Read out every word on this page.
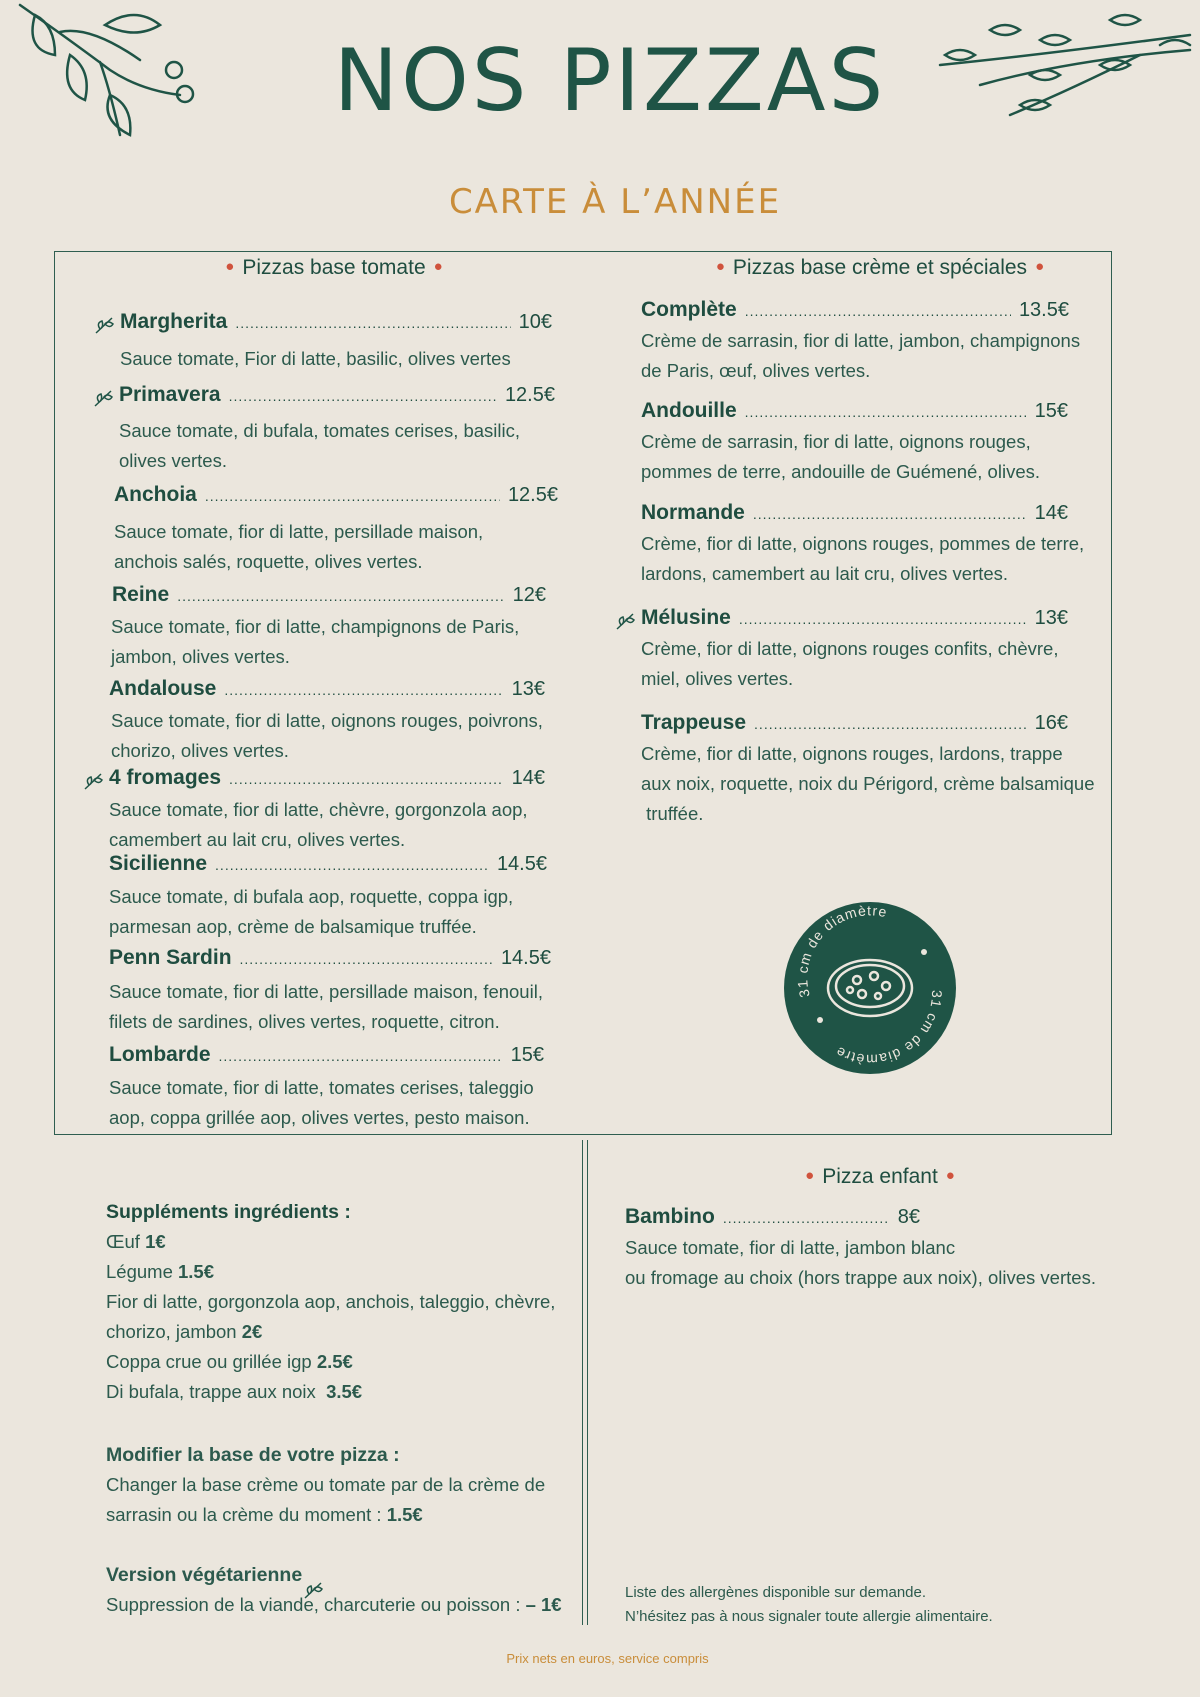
NOS PIZZAS
CARTE À L’ANNÉE
● Pizzas base tomate ●
Margherita .....	10€
Sauce tomate, Fior di latte, basilic, olives vertes
Primavera .....	12.5€
Sauce tomate, di bufala, tomates cerises, basilic,
olives vertes.
Anchoia .....	12.5€
Sauce tomate, fior di latte, persillade maison,
anchois salés, roquette, olives vertes.
Reine .....	12€
Sauce tomate, fior di latte, champignons de Paris,
jambon, olives vertes.
Andalouse .....	13€
Sauce tomate, fior di latte, oignons rouges, poivrons,
chorizo, olives vertes.
4 fromages .....	14€
Sauce tomate, fior di latte, chèvre, gorgonzola aop,
camembert au lait cru, olives vertes.
Sicilienne .....	14.5€
Sauce tomate, di bufala aop, roquette, coppa igp,
parmesan aop, crème de balsamique truffée.
Penn Sardin .....	14.5€
Sauce tomate, fior di latte, persillade maison, fenouil,
filets de sardines, olives vertes, roquette, citron.
Lombarde .....	15€
Sauce tomate, fior di latte, tomates cerises, taleggio
aop, coppa grillée aop, olives vertes, pesto maison.
● Pizzas base crème et spéciales ●
Complète .....	13.5€
Crème de sarrasin, fior di latte, jambon, champignons
de Paris, œuf, olives vertes.
Andouille .....	15€
Crème de sarrasin, fior di latte, oignons rouges,
pommes de terre, andouille de Guémené, olives.
Normande .....	14€
Crème, fior di latte, oignons rouges, pommes de terre,
lardons, camembert au lait cru, olives vertes.
Mélusine .....	13€
Crème, fior di latte, oignons rouges confits, chèvre,
miel, olives vertes.
Trappeuse .....	16€
Crème, fior di latte, oignons rouges, lardons, trappe
aux noix, roquette, noix du Périgord, crème balsamique
truffée.
31 cm de diamètre
31 cm de diamètre
Suppléments ingrédients :
Œuf 1€
Légume 1.5€
Fior di latte, gorgonzola aop, anchois, taleggio, chèvre,
chorizo, jambon 2€
Coppa crue ou grillée igp 2.5€
Di bufala, trappe aux noix  3.5€
Modifier la base de votre pizza :
Changer la base crème ou tomate par de la crème de
sarrasin ou la crème du moment : 1.5€
Version végétarienne
Suppression de la viande, charcuterie ou poisson : – 1€
● Pizza enfant ●
Bambino .....	8€
Sauce tomate, fior di latte, jambon blanc
ou fromage au choix (hors trappe aux noix), olives vertes.
Liste des allergènes disponible sur demande.
N’hésitez pas à nous signaler toute allergie alimentaire.
Prix nets en euros, service compris
